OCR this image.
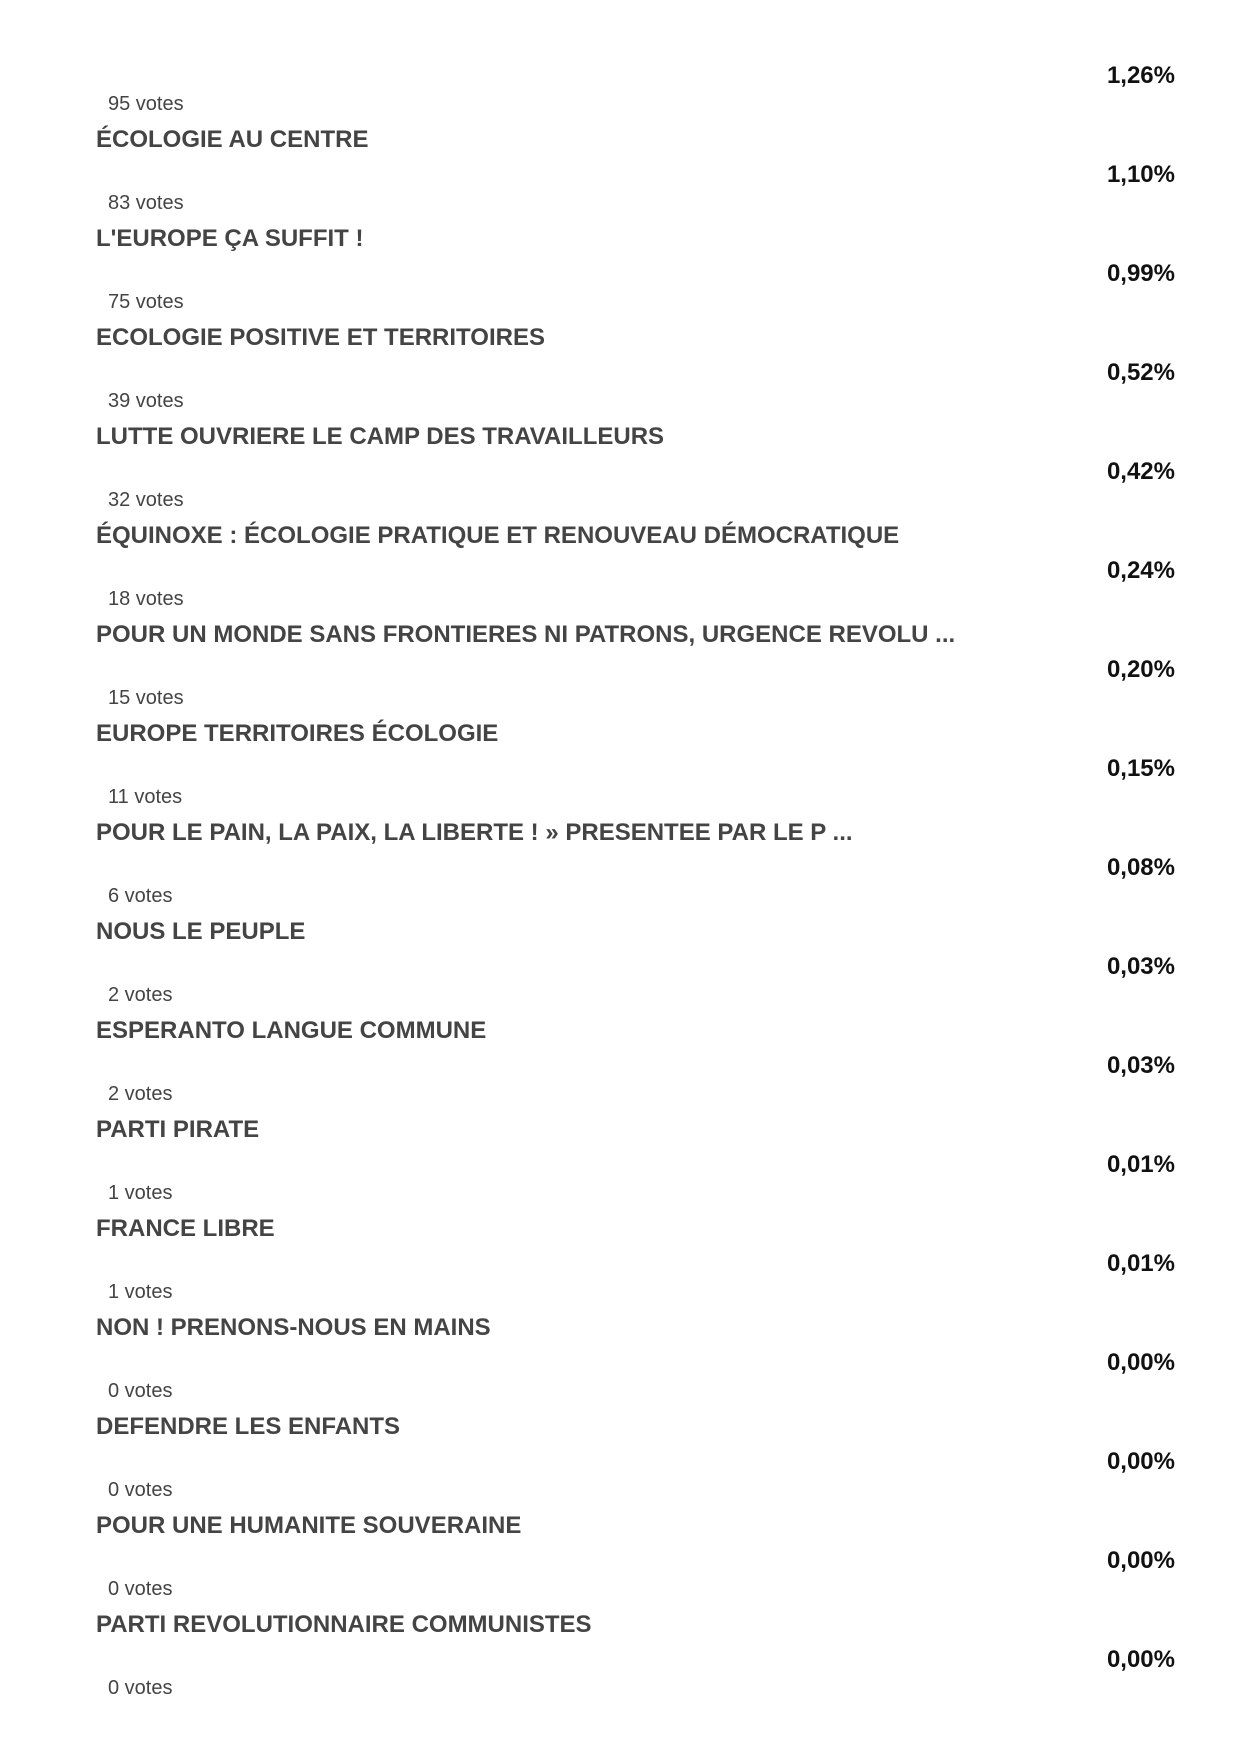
1,26%
95 votes
ÉCOLOGIE AU CENTRE
1,10%
83 votes
L'EUROPE ÇA SUFFIT !
0,99%
75 votes
ECOLOGIE POSITIVE ET TERRITOIRES
0,52%
39 votes
LUTTE OUVRIERE LE CAMP DES TRAVAILLEURS
0,42%
32 votes
ÉQUINOXE : ÉCOLOGIE PRATIQUE ET RENOUVEAU DÉMOCRATIQUE
0,24%
18 votes
POUR UN MONDE SANS FRONTIERES NI PATRONS, URGENCE REVOLU ...
0,20%
15 votes
EUROPE TERRITOIRES ÉCOLOGIE
0,15%
11 votes
POUR LE PAIN, LA PAIX, LA LIBERTE ! » PRESENTEE PAR LE P ...
0,08%
6 votes
NOUS LE PEUPLE
0,03%
2 votes
ESPERANTO LANGUE COMMUNE
0,03%
2 votes
PARTI PIRATE
0,01%
1 votes
FRANCE LIBRE
0,01%
1 votes
NON ! PRENONS-NOUS EN MAINS
0,00%
0 votes
DEFENDRE LES ENFANTS
0,00%
0 votes
POUR UNE HUMANITE SOUVERAINE
0,00%
0 votes
PARTI REVOLUTIONNAIRE COMMUNISTES
0,00%
0 votes
